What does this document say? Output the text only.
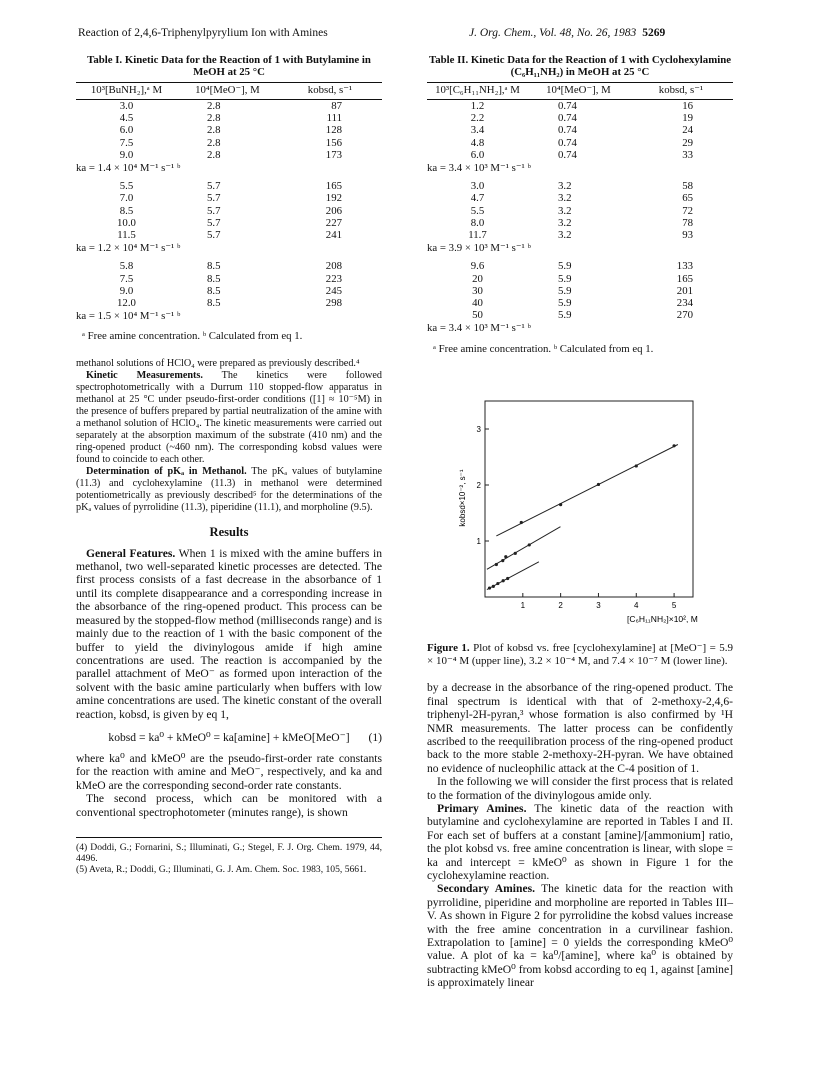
Reaction of 2,4,6-Triphenylpyrylium Ion with Amines	J. Org. Chem., Vol. 48, No. 26, 1983 5269
Table I. Kinetic Data for the Reaction of 1 with Butylamine in MeOH at 25 °C
10³[BuNH₂],ᵃ M	10⁴[MeO⁻], M	kobsd, s⁻¹

3.0	2.8	87
4.5	2.8	111
6.0	2.8	128
7.5	2.8	156
9.0	2.8	173
ka = 1.4 × 10⁴ M⁻¹ s⁻¹ ᵇ		
5.5	5.7	165
7.0	5.7	192
8.5	5.7	206
10.0	5.7	227
11.5	5.7	241
ka = 1.2 × 10⁴ M⁻¹ s⁻¹ ᵇ		
5.8	8.5	208
7.5	8.5	223
9.0	8.5	245
12.0	8.5	298
ka = 1.5 × 10⁴ M⁻¹ s⁻¹ ᵇ		
ᵃ Free amine concentration. ᵇ Calculated from eq 1.

methanol solutions of HClO₄ were prepared as previously described.⁴

Kinetic Measurements. The kinetics were followed spectrophotometrically with a Durrum 110 stopped-flow apparatus in methanol at 25 °C under pseudo-first-order conditions ([1] ≈ 10⁻⁵M) in the presence of buffers prepared by partial neutralization of the amine with a methanol solution of HClO₄. The kinetic measurements were carried out separately at the absorption maximum of the substrate (410 nm) and the ring-opened product (~460 nm). The corresponding kobsd values were found to coincide to each other.

Determination of pKₐ in Methanol. The pKₐ values of butylamine (11.3) and cyclohexylamine (11.3) in methanol were determined potentiometrically as previously described⁵ for the determinations of the pKₐ values of pyrrolidine (11.3), piperidine (11.1), and morpholine (9.5).

Results

General Features. When 1 is mixed with the amine buffers in methanol, two well-separated kinetic processes are detected. The first process consists of a fast decrease in the absorbance of 1 until its complete disappearance and a corresponding increase in the absorbance of the ring-opened product. This process can be measured by the stopped-flow method (milliseconds range) and is mainly due to the reaction of 1 with the basic component of the buffer to yield the divinylogous amide if high amine concentrations are used. The reaction is accompanied by the parallel attachment of MeO⁻ as formed upon interaction of the solvent with the basic amine particularly when buffers with low amine concentrations are used. The kinetic constant of the overall reaction, kobsd, is given by eq 1,

kobsd = ka⁰ + kMeO⁰ = ka[amine] + kMeO[MeO⁻] (1)

where ka⁰ and kMeO⁰ are the pseudo-first-order rate constants for the reaction with amine and MeO⁻, respectively, and ka and kMeO are the corresponding second-order rate constants.

The second process, which can be monitored with a conventional spectrophotometer (minutes range), is shown

(4) Doddi, G.; Fornarini, S.; Illuminati, G.; Stegel, F. J. Org. Chem. 1979, 44, 4496.

(5) Aveta, R.; Doddi, G.; Illuminati, G. J. Am. Chem. Soc. 1983, 105, 5661.

Table II. Kinetic Data for the Reaction of 1 with Cyclohexylamine (C₆H₁₁NH₂) in MeOH at 25 °C
10³[C₆H₁₁NH₂],ᵃ M	10⁴[MeO⁻], M	kobsd, s⁻¹

1.2	0.74	16
2.2	0.74	19
3.4	0.74	24
4.8	0.74	29
6.0	0.74	33
ka = 3.4 × 10³ M⁻¹ s⁻¹ ᵇ		
3.0	3.2	58
4.7	3.2	65
5.5	3.2	72
8.0	3.2	78
11.7	3.2	93
ka = 3.9 × 10³ M⁻¹ s⁻¹ ᵇ		
9.6	5.9	133
20	5.9	165
30	5.9	201
40	5.9	234
50	5.9	270
ka = 3.4 × 10³ M⁻¹ s⁻¹ ᵇ		
ᵃ Free amine concentration. ᵇ Calculated from eq 1.
1	2	3	4	5
1
2
3
kobsd×10⁻², s⁻¹
[C₆H₁₁NH₂]×10², M
Figure 1. Plot of kobsd vs. free [cyclohexylamine] at [MeO⁻] = 5.9 × 10⁻⁴ M (upper line), 3.2 × 10⁻⁴ M, and 7.4 × 10⁻⁷ M (lower line).

by a decrease in the absorbance of the ring-opened product. The final spectrum is identical with that of 2-methoxy-2,4,6-triphenyl-2H-pyran,³ whose formation is also confirmed by ¹H NMR measurements. The latter process can be confidently ascribed to the reequilibration process of the ring-opened product back to the more stable 2-methoxy-2H-pyran. We have obtained no evidence of nucleophilic attack at the C-4 position of 1.

In the following we will consider the first process that is related to the formation of the divinylogous amide only.

Primary Amines. The kinetic data of the reaction with butylamine and cyclohexylamine are reported in Tables I and II. For each set of buffers at a constant [amine]/[ammonium] ratio, the plot kobsd vs. free amine concentration is linear, with slope = ka and intercept = kMeO⁰ as shown in Figure 1 for the cyclohexylamine reaction.

Secondary Amines. The kinetic data for the reaction with pyrrolidine, piperidine and morpholine are reported in Tables III–V. As shown in Figure 2 for pyrrolidine the kobsd values increase with the free amine concentration in a curvilinear fashion. Extrapolation to [amine] = 0 yields the corresponding kMeO⁰ value. A plot of ka = ka⁰/[amine], where ka⁰ is obtained by subtracting kMeO⁰ from kobsd according to eq 1, against [amine] is approximately linear
